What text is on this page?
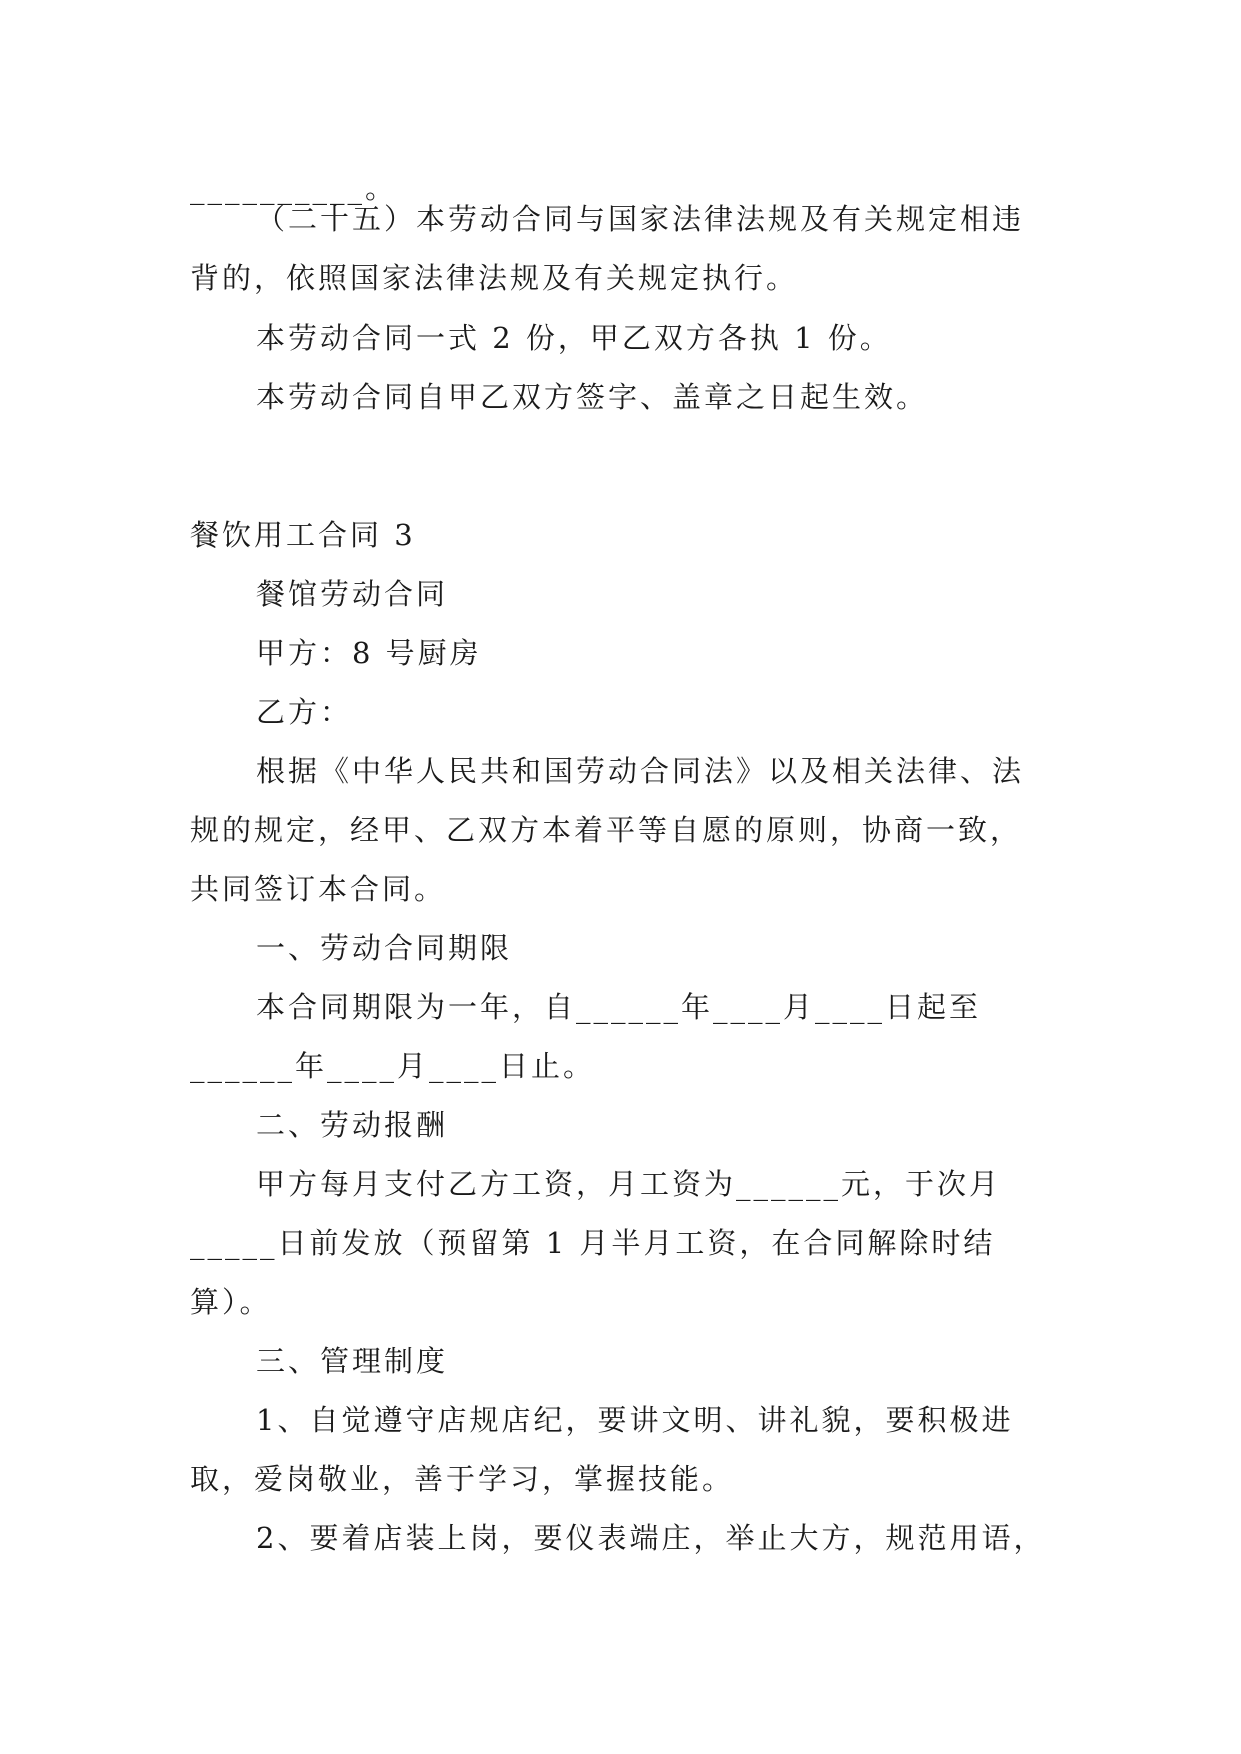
__________。
（二十五）本劳动合同与国家法律法规及有关规定相违
背的，依照国家法律法规及有关规定执行。
本劳动合同一式 2 份，甲乙双方各执 1 份。
本劳动合同自甲乙双方签字、盖章之日起生效。
餐饮用工合同 3
餐馆劳动合同
甲方：8 号厨房
乙方：
根据《中华人民共和国劳动合同法》以及相关法律、法
规的规定，经甲、乙双方本着平等自愿的原则，协商一致，
共同签订本合同。
一、劳动合同期限
本合同期限为一年，自______年____月____日起至
______年____月____日止。
二、劳动报酬
甲方每月支付乙方工资，月工资为______元，于次月
_____日前发放（预留第 1 月半月工资，在合同解除时结
算）。
三、管理制度
1、自觉遵守店规店纪，要讲文明、讲礼貌，要积极进
取，爱岗敬业，善于学习，掌握技能。
2、要着店装上岗，要仪表端庄，举止大方，规范用语，
